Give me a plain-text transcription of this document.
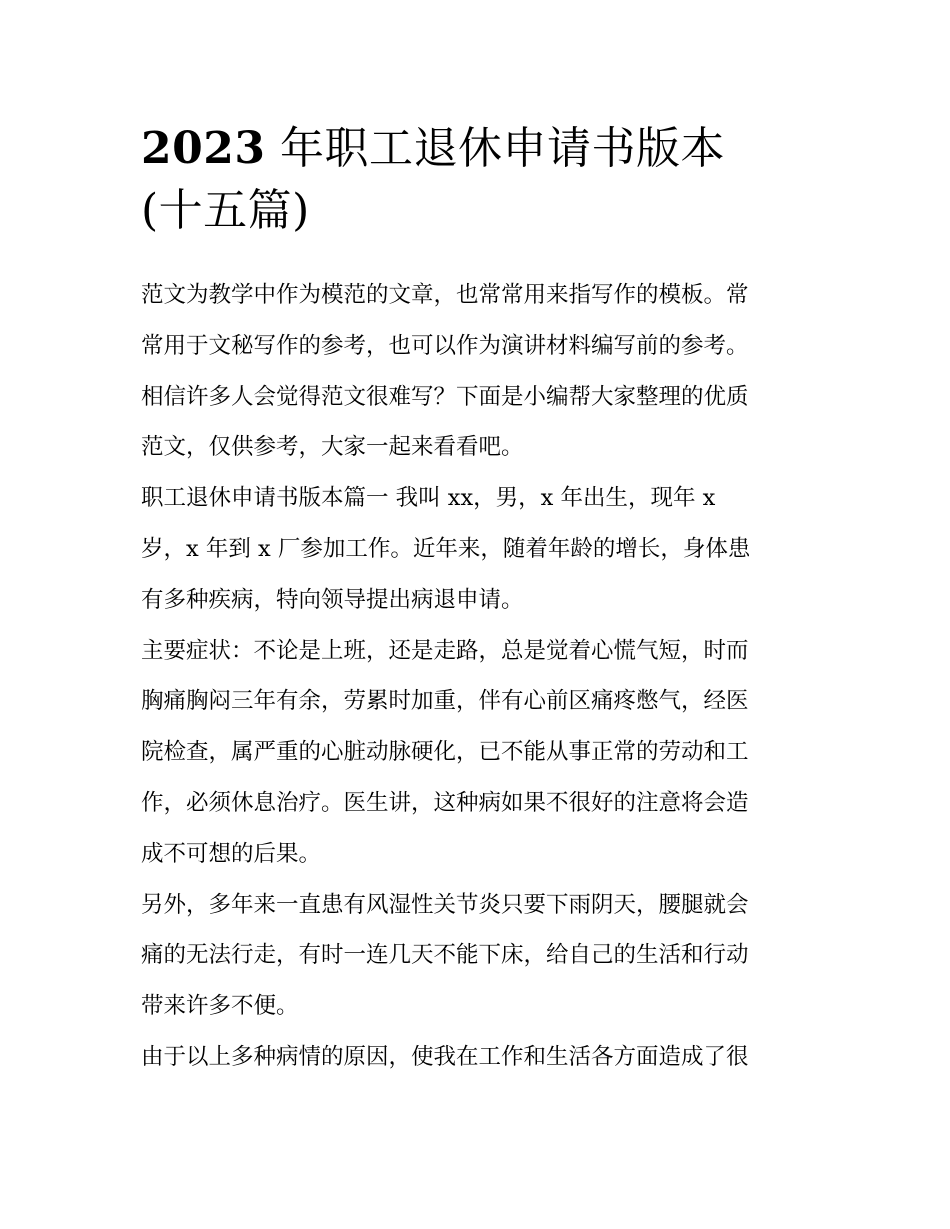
2023 年职工退休申请书版本
(十五篇)

范文为教学中作为模范的文章，也常常用来指写作的模板。常
常用于文秘写作的参考，也可以作为演讲材料编写前的参考。
相信许多人会觉得范文很难写？下面是小编帮大家整理的优质
范文，仅供参考，大家一起来看看吧。

职工退休申请书版本篇一 我叫 xx，男，x 年出生，现年 x
岁，x 年到 x 厂参加工作。近年来，随着年龄的增长，身体患
有多种疾病，特向领导提出病退申请。

主要症状：不论是上班，还是走路，总是觉着心慌气短，时而
胸痛胸闷三年有余，劳累时加重，伴有心前区痛疼憋气，经医
院检查，属严重的心脏动脉硬化，已不能从事正常的劳动和工
作，必须休息治疗。医生讲，这种病如果不很好的注意将会造
成不可想的后果。

另外，多年来一直患有风湿性关节炎只要下雨阴天，腰腿就会
痛的无法行走，有时一连几天不能下床，给自己的生活和行动
带来许多不便。

由于以上多种病情的原因，使我在工作和生活各方面造成了很
